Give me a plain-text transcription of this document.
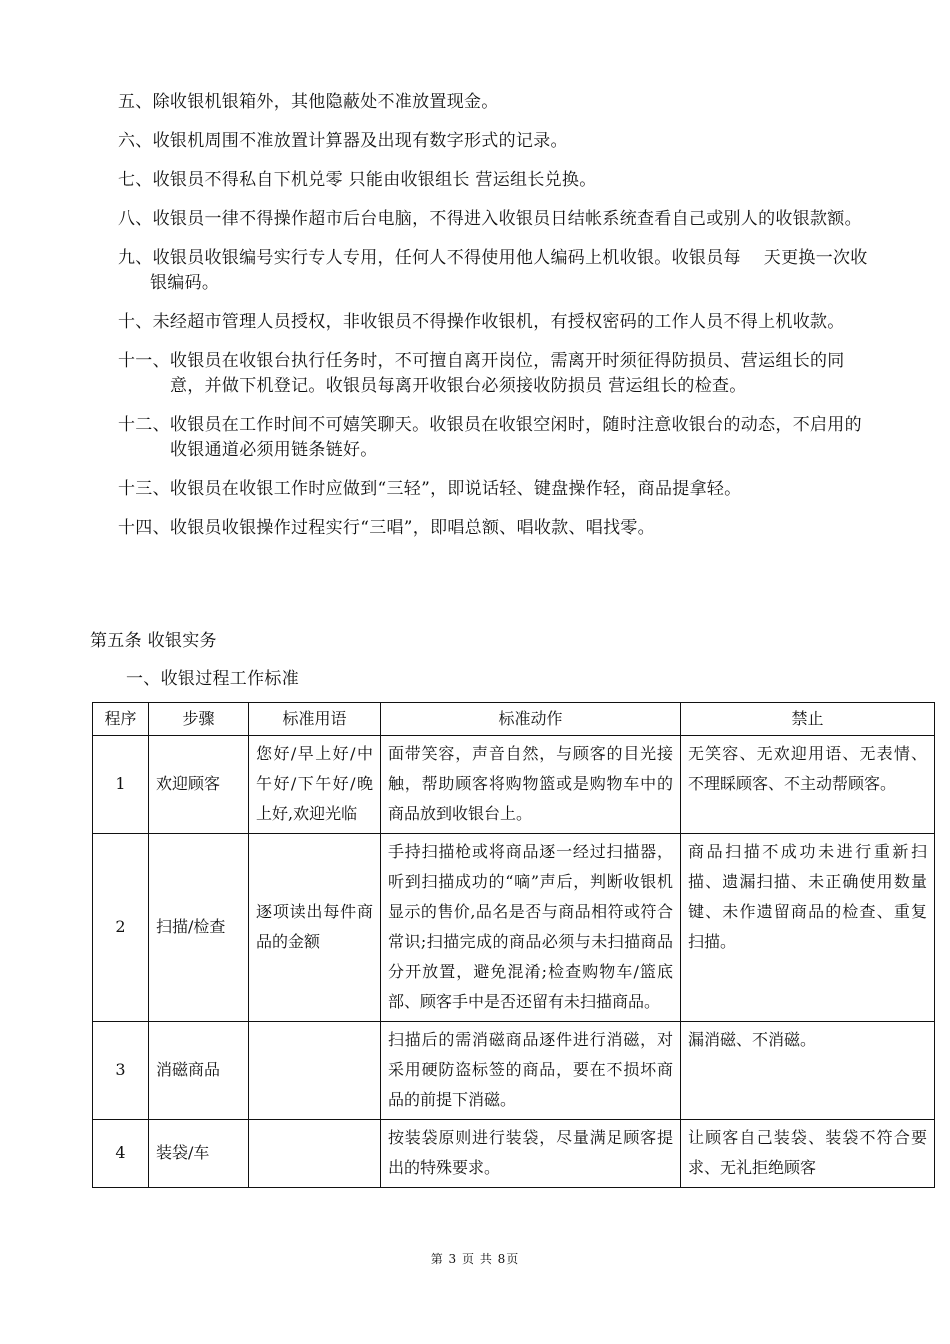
五、除收银机银箱外，其他隐蔽处不准放置现金。
六、收银机周围不准放置计算器及出现有数字形式的记录。
七、收银员不得私自下机兑零 只能由收银组长 营运组长兑换。
八、收银员一律不得操作超市后台电脑，不得进入收银员日结帐系统查看自己或别人的收银款额。
九、收银员收银编号实行专人专用，任何人不得使用他人编码上机收银。收银员每　 天更换一次收银编码。
十、未经超市管理人员授权，非收银员不得操作收银机，有授权密码的工作人员不得上机收款。
十一、收银员在收银台执行任务时，不可擅自离开岗位，需离开时须征得防损员、营运组长的同意，并做下机登记。收银员每离开收银台必须接收防损员 营运组长的检查。
十二、收银员在工作时间不可嬉笑聊天。收银员在收银空闲时，随时注意收银台的动态，不启用的收银通道必须用链条链好。
十三、收银员在收银工作时应做到“三轻”，即说话轻、键盘操作轻，商品提拿轻。
十四、收银员收银操作过程实行“三唱”，即唱总额、唱收款、唱找零。
第五条 收银实务
一、收银过程工作标准
程序	步骤	标准用语	标准动作	禁止
1	欢迎顾客	您好/早上好/中午好/下午好/晚上好,欢迎光临	面带笑容，声音自然，与顾客的目光接触，帮助顾客将购物篮或是购物车中的商品放到收银台上。	无笑容、无欢迎用语、无表情、不理睬顾客、不主动帮顾客。
2	扫描/检查	逐项读出每件商品的金额	手持扫描枪或将商品逐一经过扫描器，听到扫描成功的“嘀”声后，判断收银机显示的售价,品名是否与商品相符或符合常识;扫描完成的商品必须与未扫描商品分开放置，避免混淆;检查购物车/篮底部、顾客手中是否还留有未扫描商品。	商品扫描不成功未进行重新扫描、遗漏扫描、未正确使用数量键、未作遗留商品的检查、重复扫描。
3	消磁商品		扫描后的需消磁商品逐件进行消磁，对采用硬防盗标签的商品，要在不损坏商品的前提下消磁。	漏消磁、不消磁。
4	装袋/车		按装袋原则进行装袋，尽量满足顾客提出的特殊要求。	让顾客自己装袋、装袋不符合要求、无礼拒绝顾客
第 3 页 共 8页
